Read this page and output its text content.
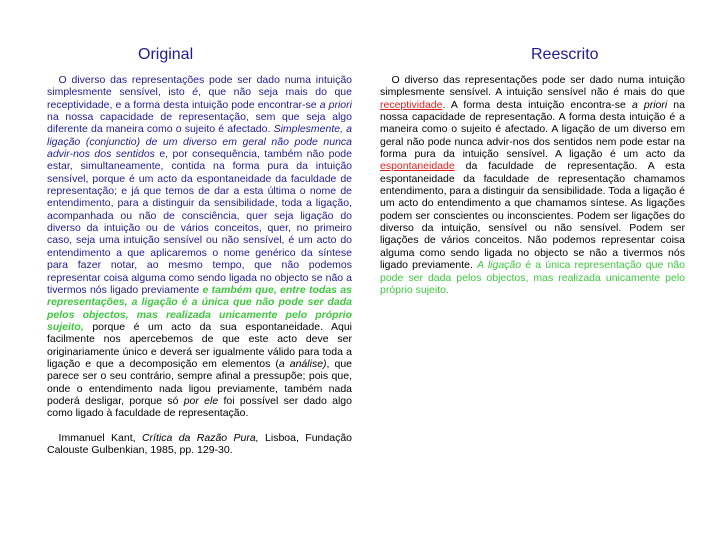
Original	Reescrito

O diverso das representações pode ser dado numa intuição simplesmente sensível, isto é, que não seja mais do que receptividade, e a forma desta intuição pode encontrar-se a priori na nossa capacidade de representação, sem que seja algo diferente da maneira como o sujeito é afectado. Simplesmente, a ligação (conjunctio) de um diverso em geral não pode nunca advir-nos dos sentidos e, por consequência, também não pode estar, simultaneamente, contida na forma pura da intuição sensível, porque é um acto da espontaneidade da faculdade de representação; e já que temos de dar a esta última o nome de entendimento, para a distinguir da sensibilidade, toda a ligação, acompanhada ou não de consciência, quer seja ligação do diverso da intuição ou de vários conceitos, quer, no primeiro caso, seja uma intuição sensível ou não sensível, é um acto do entendimento a que aplicaremos o nome genérico da síntese para fazer notar, ao mesmo tempo, que não podemos representar coisa alguma como sendo ligada no objecto se não a tivermos nós ligado previamente e também que, entre todas as representações, a ligação é a única que não pode ser dada pelos objectos, mas realizada unicamente pelo próprio sujeito, porque é um acto da sua espontaneidade. Aqui facilmente nos apercebemos de que este acto deve ser originariamente único e deverá ser igualmente válido para toda a ligação e que a decomposição em elementos (a análise), que parece ser o seu contrário, sempre afinal a pressupõe; pois que, onde o entendimento nada ligou previamente, também nada poderá desligar, porque só por ele foi possível ser dado algo como ligado à faculdade de representação.

Immanuel Kant, Crítica da Razão Pura, Lisboa, Fundação Calouste Gulbenkian, 1985, pp. 129-30.

O diverso das representações pode ser dado numa intuição simplesmente sensível. A intuição sensível não é mais do que receptividade. A forma desta intuição encontra-se a priori na nossa capacidade de representação. A forma desta intuição é a maneira como o sujeito é afectado. A ligação de um diverso em geral não pode nunca advir-nos dos sentidos nem pode estar na forma pura da intuição sensível. A ligação é um acto da espontaneidade da faculdade de representação. A esta espontaneidade da faculdade de representação chamamos entendimento, para a distinguir da sensibilidade. Toda a ligação é um acto do entendimento a que chamamos síntese. As ligações podem ser conscientes ou inconscientes. Podem ser ligações do diverso da intuição, sensível ou não sensível. Podem ser ligações de vários conceitos. Não podemos representar coisa alguma como sendo ligada no objecto se não a tivermos nós ligado previamente. A ligação é a única representação que não pode ser dada pelos objectos, mas realizada unicamente pelo próprio sujeito.
